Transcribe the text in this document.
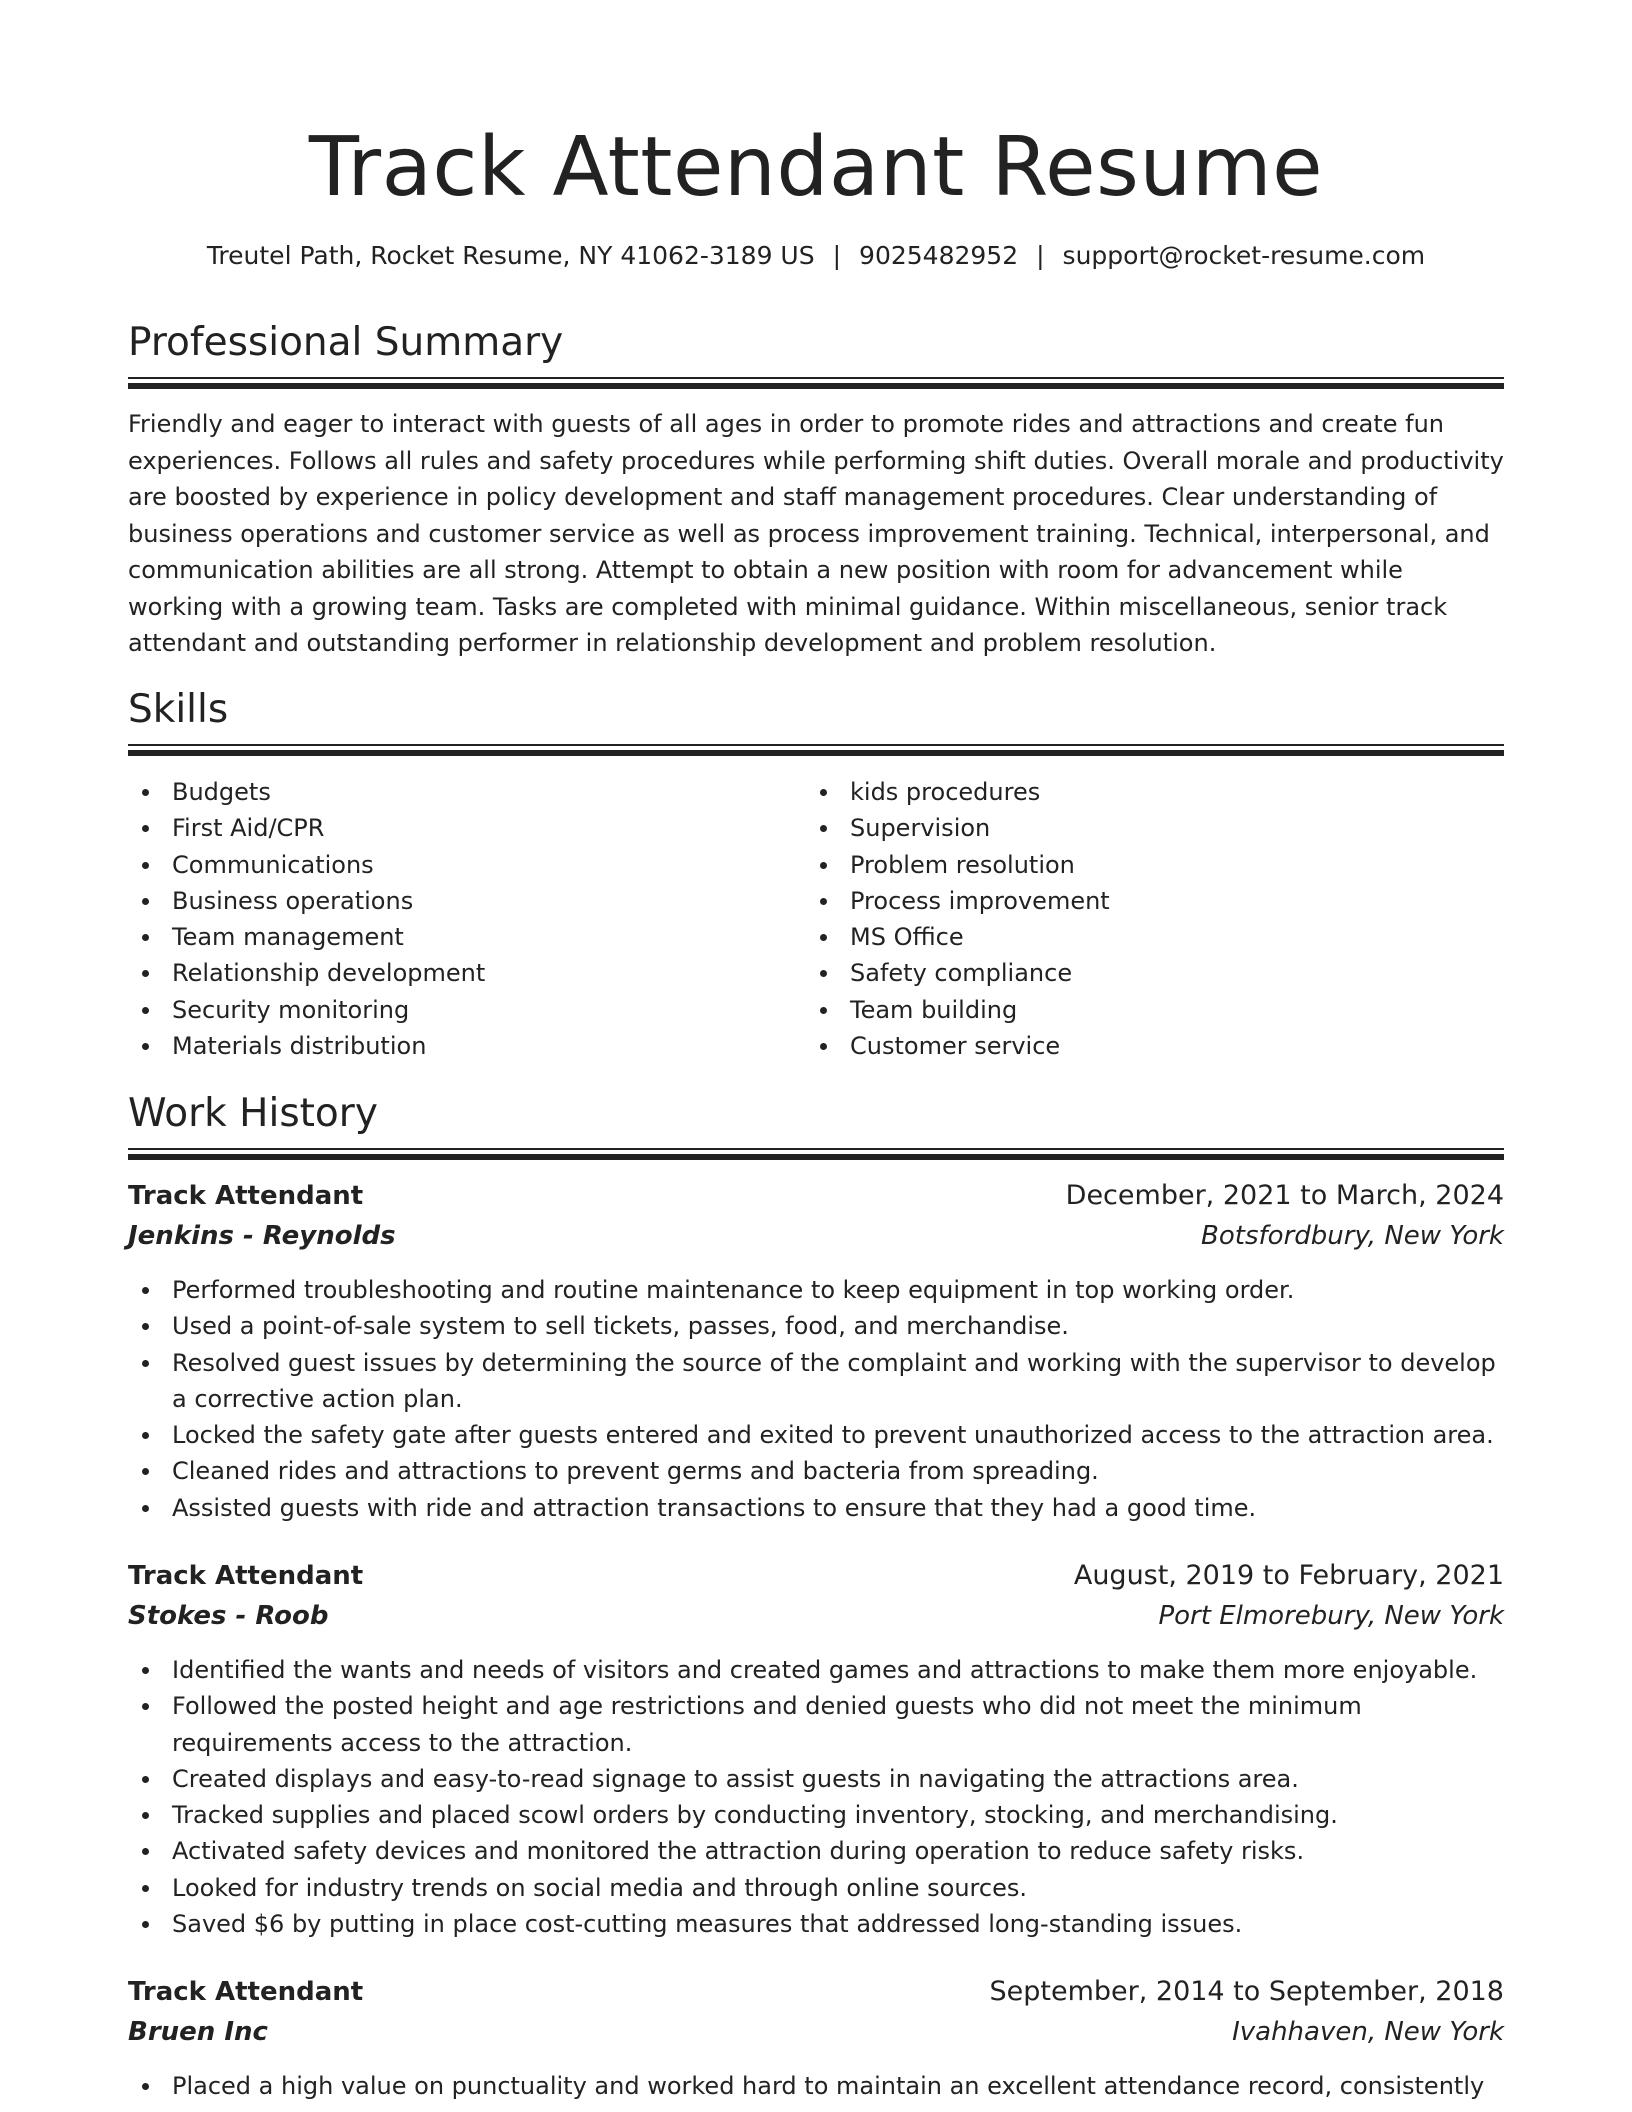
Track Attendant Resume
Treutel Path, Rocket Resume, NY 41062-3189 US | 9025482952 | support@rocket-resume.com
Professional Summary

Friendly and eager to interact with guests of all ages in order to promote rides and attractions and create fun experiences. Follows all rules and safety procedures while performing shift duties. Overall morale and productivity are boosted by experience in policy development and staff management procedures. Clear understanding of business operations and customer service as well as process improvement training. Technical, interpersonal, and communication abilities are all strong. Attempt to obtain a new position with room for advancement while working with a growing team. Tasks are completed with minimal guidance. Within miscellaneous, senior track attendant and outstanding performer in relationship development and problem resolution.

Skills
Budgets
First Aid/CPR
Communications
Business operations
Team management
Relationship development
Security monitoring
Materials distribution
kids procedures
Supervision
Problem resolution
Process improvement
MS Office
Safety compliance
Team building
Customer service
Work History
Track Attendant	December, 2021 to March, 2024
Jenkins - Reynolds	Botsfordbury, New York
Performed troubleshooting and routine maintenance to keep equipment in top working order.
Used a point-of-sale system to sell tickets, passes, food, and merchandise.
Resolved guest issues by determining the source of the complaint and working with the supervisor to develop a corrective action plan.
Locked the safety gate after guests entered and exited to prevent unauthorized access to the attraction area.
Cleaned rides and attractions to prevent germs and bacteria from spreading.
Assisted guests with ride and attraction transactions to ensure that they had a good time.
Track Attendant	August, 2019 to February, 2021
Stokes - Roob	Port Elmorebury, New York
Identified the wants and needs of visitors and created games and attractions to make them more enjoyable.
Followed the posted height and age restrictions and denied guests who did not meet the minimum requirements access to the attraction.
Created displays and easy-to-read signage to assist guests in navigating the attractions area.
Tracked supplies and placed scowl orders by conducting inventory, stocking, and merchandising.
Activated safety devices and monitored the attraction during operation to reduce safety risks.
Looked for industry trends on social media and through online sources.
Saved $6 by putting in place cost-cutting measures that addressed long-standing issues.
Track Attendant	September, 2014 to September, 2018
Bruen Inc	Ivahhaven, New York
Placed a high value on punctuality and worked hard to maintain an excellent attendance record, consistently
